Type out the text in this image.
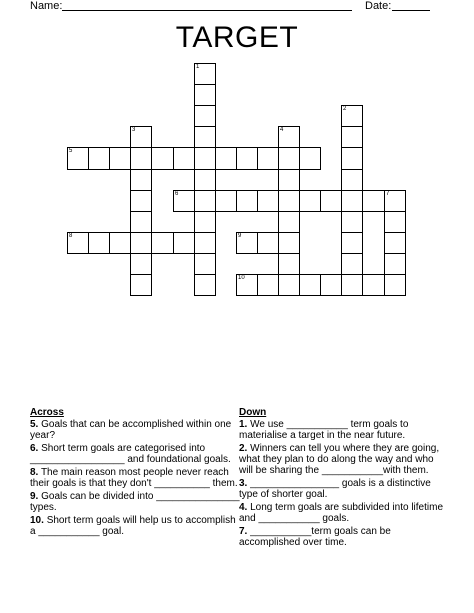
Name:	Date:
TARGET
1
2
3	4
5
6	7
8	9
10
Across
5. Goals that can be accomplished within one year?
6. Short term goals are categorised into _________________ and foundational goals.
8. The main reason most people never reach their goals is that they don't __________ them.
9. Goals can be divided into _______________ types.
10. Short term goals will help us to accomplish a ___________ goal.
Down
1. We use ___________ term goals to materialise a target in the near future.
2. Winners can tell you where they are going, what they plan to do along the way and who will be sharing the ___________with them.
3. ________________ goals is a distinctive type of shorter goal.
4. Long term goals are subdivided into lifetime and ___________ goals.
7. ___________term goals can be accomplished over time.
